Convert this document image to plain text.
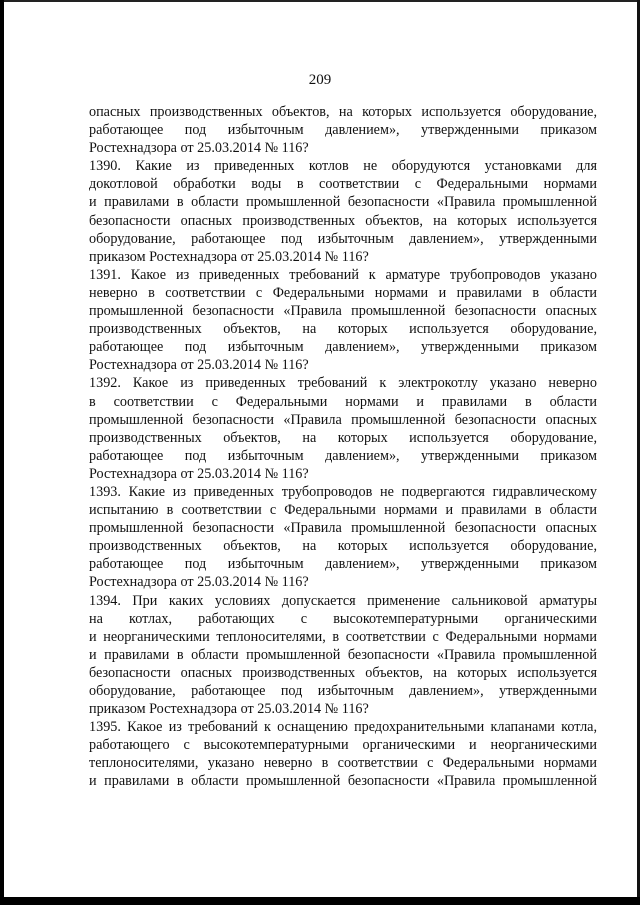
209
опасных производственных объектов, на которых используется оборудование,
работающее под избыточным давлением», утвержденными приказом
Ростехнадзора от 25.03.2014 № 116?
1390. Какие из приведенных котлов не оборудуются установками для
докотловой обработки воды в соответствии с Федеральными нормами
и правилами в области промышленной безопасности «Правила промышленной
безопасности опасных производственных объектов, на которых используется
оборудование, работающее под избыточным давлением», утвержденными
приказом Ростехнадзора от 25.03.2014 № 116?
1391. Какое из приведенных требований к арматуре трубопроводов указано
неверно в соответствии с Федеральными нормами и правилами в области
промышленной безопасности «Правила промышленной безопасности опасных
производственных объектов, на которых используется оборудование,
работающее под избыточным давлением», утвержденными приказом
Ростехнадзора от 25.03.2014 № 116?
1392. Какое из приведенных требований к электрокотлу указано неверно
в соответствии с Федеральными нормами и правилами в области
промышленной безопасности «Правила промышленной безопасности опасных
производственных объектов, на которых используется оборудование,
работающее под избыточным давлением», утвержденными приказом
Ростехнадзора от 25.03.2014 № 116?
1393. Какие из приведенных трубопроводов не подвергаются гидравлическому
испытанию в соответствии с Федеральными нормами и правилами в области
промышленной безопасности «Правила промышленной безопасности опасных
производственных объектов, на которых используется оборудование,
работающее под избыточным давлением», утвержденными приказом
Ростехнадзора от 25.03.2014 № 116?
1394. При каких условиях допускается применение сальниковой арматуры
на котлах, работающих с высокотемпературными органическими
и неорганическими теплоносителями, в соответствии с Федеральными нормами
и правилами в области промышленной безопасности «Правила промышленной
безопасности опасных производственных объектов, на которых используется
оборудование, работающее под избыточным давлением», утвержденными
приказом Ростехнадзора от 25.03.2014 № 116?
1395. Какое из требований к оснащению предохранительными клапанами котла,
работающего с высокотемпературными органическими и неорганическими
теплоносителями, указано неверно в соответствии с Федеральными нормами
и правилами в области промышленной безопасности «Правила промышленной
